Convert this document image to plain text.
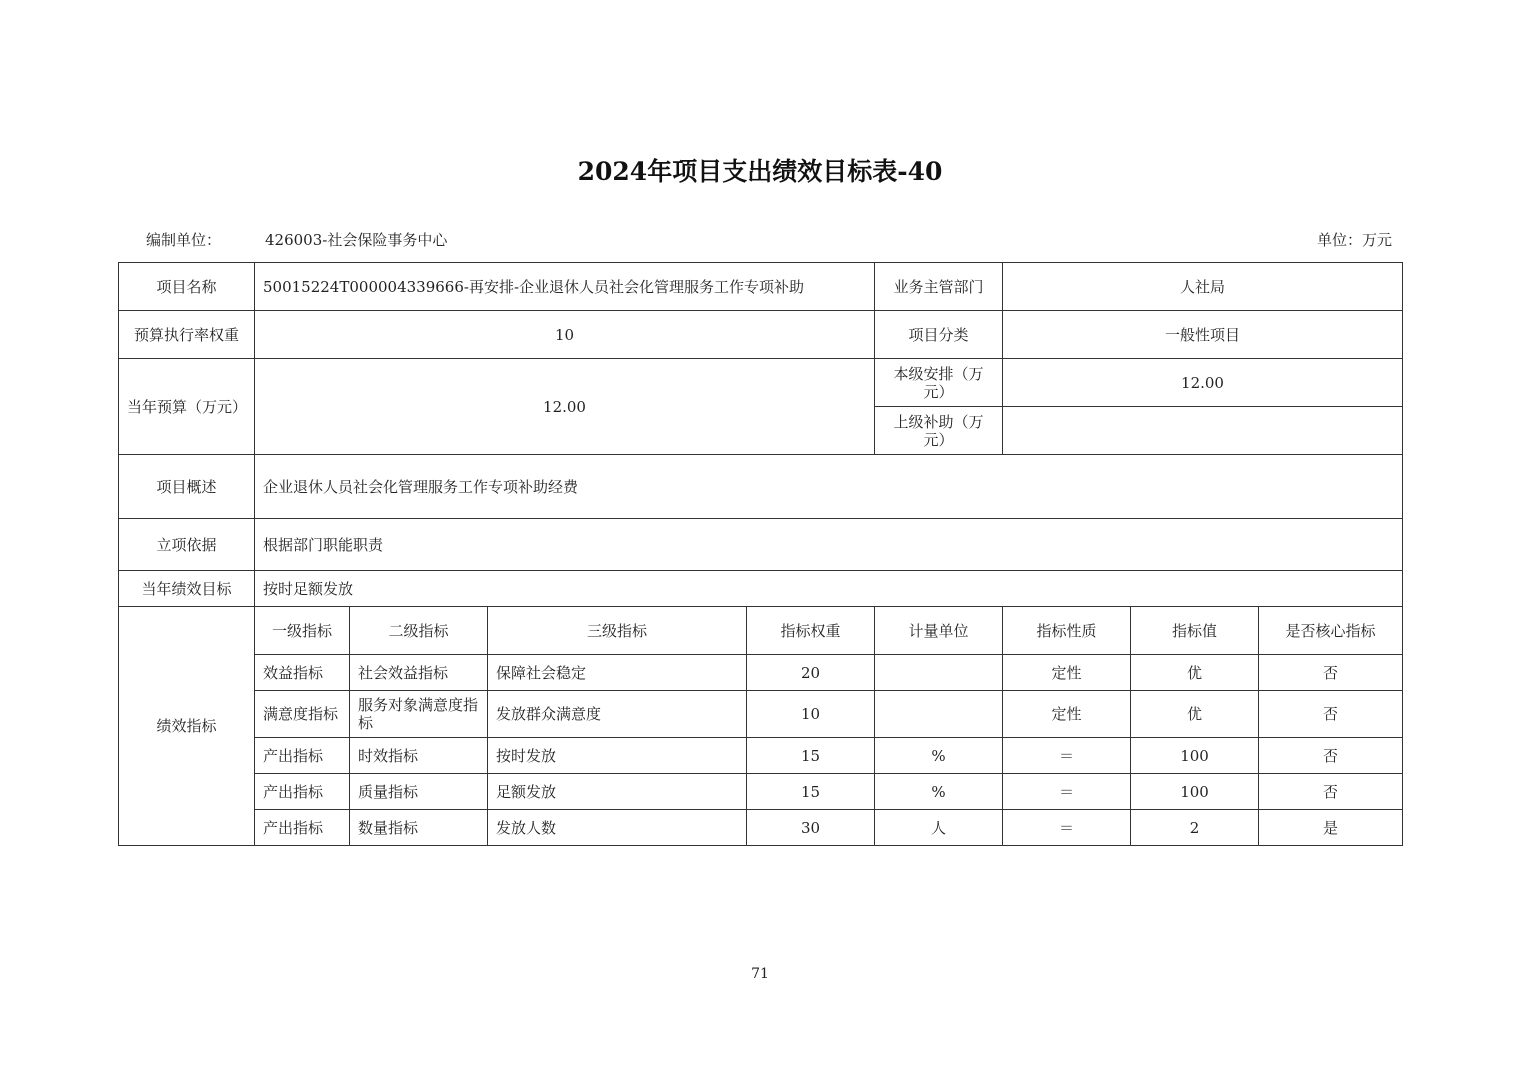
2024年项目支出绩效目标表-40
编制单位：	426003-社会保险事务中心	单位：万元
项目名称	50015224T000004339666-再安排-企业退休人员社会化管理服务工作专项补助				业务主管部门	人社局		
预算执行率权重	10				项目分类	一般性项目		
当年预算（万元）	12.00				本级安排（万元）	12.00		
					上级补助（万元）			
项目概述	企业退休人员社会化管理服务工作专项补助经费							
立项依据	根据部门职能职责							
当年绩效目标	按时足额发放							
绩效指标	一级指标	二级指标	三级指标	指标权重	计量单位	指标性质	指标值	是否核心指标
	效益指标	社会效益指标	保障社会稳定	20		定性	优	否
	满意度指标	服务对象满意度指标	发放群众满意度	10		定性	优	否
	产出指标	时效指标	按时发放	15	%	＝	100	否
	产出指标	质量指标	足额发放	15	%	＝	100	否
	产出指标	数量指标	发放人数	30	人	＝	2	是
71
